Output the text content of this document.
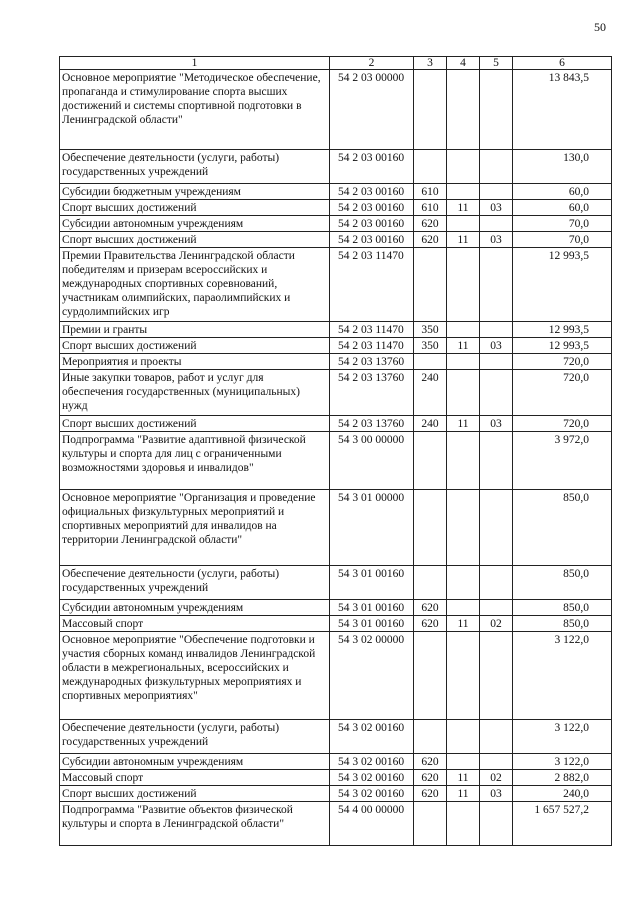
50
1	2	3	4	5	6
Основное мероприятие "Методическое обеспечение, пропаганда и стимулирование спорта высших достижений и системы спортивной подготовки в Ленинградской области"	54 2 03 00000				13 843,5
Обеспечение деятельности (услуги, работы) государственных учреждений	54 2 03 00160				130,0
Субсидии бюджетным учреждениям	54 2 03 00160	610			60,0
Спорт высших достижений	54 2 03 00160	610	11	03	60,0
Субсидии автономным учреждениям	54 2 03 00160	620			70,0
Спорт высших достижений	54 2 03 00160	620	11	03	70,0
Премии Правительства Ленинградской области победителям и призерам всероссийских и международных спортивных соревнований, участникам олимпийских, параолимпийских и сурдолимпийских игр	54 2 03 11470				12 993,5
Премии и гранты	54 2 03 11470	350			12 993,5
Спорт высших достижений	54 2 03 11470	350	11	03	12 993,5
Мероприятия и проекты	54 2 03 13760				720,0
Иные закупки товаров, работ и услуг для обеспечения государственных (муниципальных) нужд	54 2 03 13760	240			720,0
Спорт высших достижений	54 2 03 13760	240	11	03	720,0
Подпрограмма "Развитие адаптивной физической культуры и спорта для лиц с ограниченными возможностями здоровья и инвалидов"	54 3 00 00000				3 972,0
Основное мероприятие "Организация и проведение официальных физкультурных мероприятий и спортивных мероприятий для инвалидов на территории Ленинградской области"	54 3 01 00000				850,0
Обеспечение деятельности (услуги, работы) государственных учреждений	54 3 01 00160				850,0
Субсидии автономным учреждениям	54 3 01 00160	620			850,0
Массовый спорт	54 3 01 00160	620	11	02	850,0
Основное мероприятие "Обеспечение подготовки и участия сборных команд инвалидов Ленинградской области в межрегиональных, всероссийских и международных физкультурных мероприятиях и спортивных мероприятиях"	54 3 02 00000				3 122,0
Обеспечение деятельности (услуги, работы) государственных учреждений	54 3 02 00160				3 122,0
Субсидии автономным учреждениям	54 3 02 00160	620			3 122,0
Массовый спорт	54 3 02 00160	620	11	02	2 882,0
Спорт высших достижений	54 3 02 00160	620	11	03	240,0
Подпрограмма "Развитие объектов физической культуры и спорта в Ленинградской области"	54 4 00 00000				1 657 527,2
